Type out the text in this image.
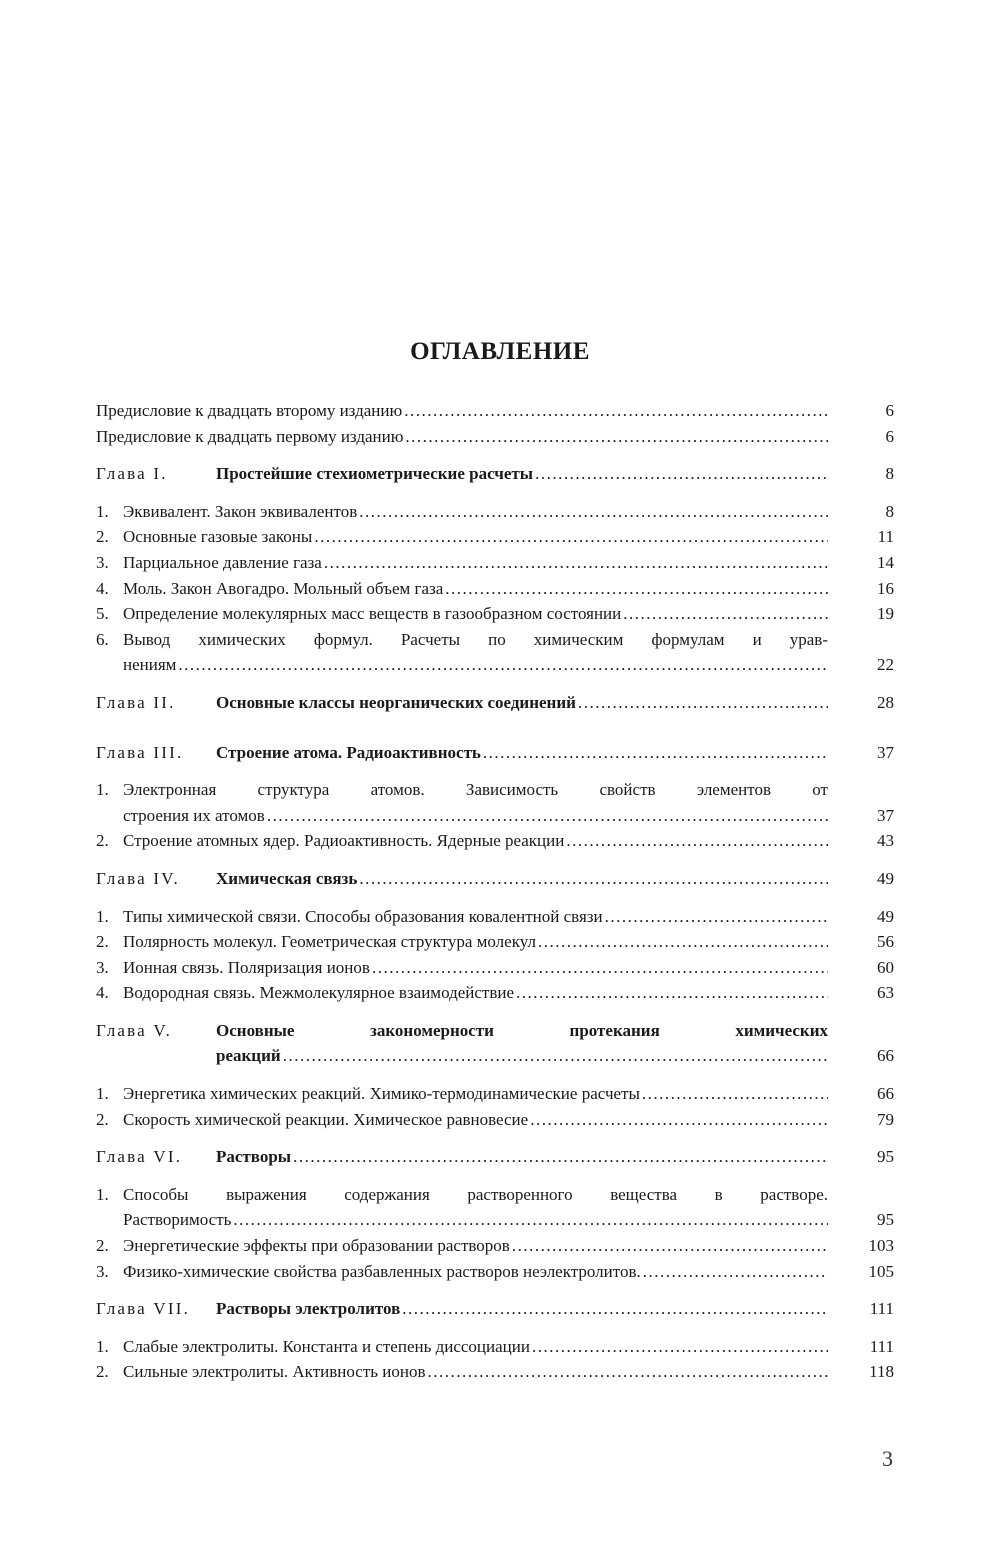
ОГЛАВЛЕНИЕ
Предисловие к двадцать второму изданию .....	6
Предисловие к двадцать первому изданию .....	6
Глава I.	Простейшие стехиометрические расчеты .....	8
1. Эквивалент. Закон эквивалентов .....	8
2. Основные газовые законы .....	11
3. Парциальное давление газа .....	14
4. Моль. Закон Авогадро. Мольный объем газа .....	16
5. Определение молекулярных масс веществ в газообразном состоянии .....	19
6. Вывод химических формул. Расчеты по химическим формулам и урав-
нениям .....	22
Глава II.	Основные классы неорганических соединений .....	28
Глава III.	Строение атома. Радиоактивность .....	37
1. Электронная структура атомов. Зависимость свойств элементов от
строения их атомов .....	37
2. Строение атомных ядер. Радиоактивность. Ядерные реакции .....	43
Глава IV.	Химическая связь .....	49
1. Типы химической связи. Способы образования ковалентной связи .....	49
2. Полярность молекул. Геометрическая структура молекул .....	56
3. Ионная связь. Поляризация ионов .....	60
4. Водородная связь. Межмолекулярное взаимодействие .....	63
Глава V.	Основные закономерности протекания химических
реакций .....	66
1. Энергетика химических реакций. Химико-термодинамические расчеты .....	66
2. Скорость химической реакции. Химическое равновесие .....	79
Глава VI.	Растворы .....	95
1. Способы выражения содержания растворенного вещества в растворе.
Растворимость .....	95
2. Энергетические эффекты при образовании растворов .....	103
3. Физико-химические свойства разбавленных растворов неэлектролитов. .....	105
Глава VII.	Растворы электролитов .....	111
1. Слабые электролиты. Константа и степень диссоциации .....	111
2. Сильные электролиты. Активность ионов .....	118
3
